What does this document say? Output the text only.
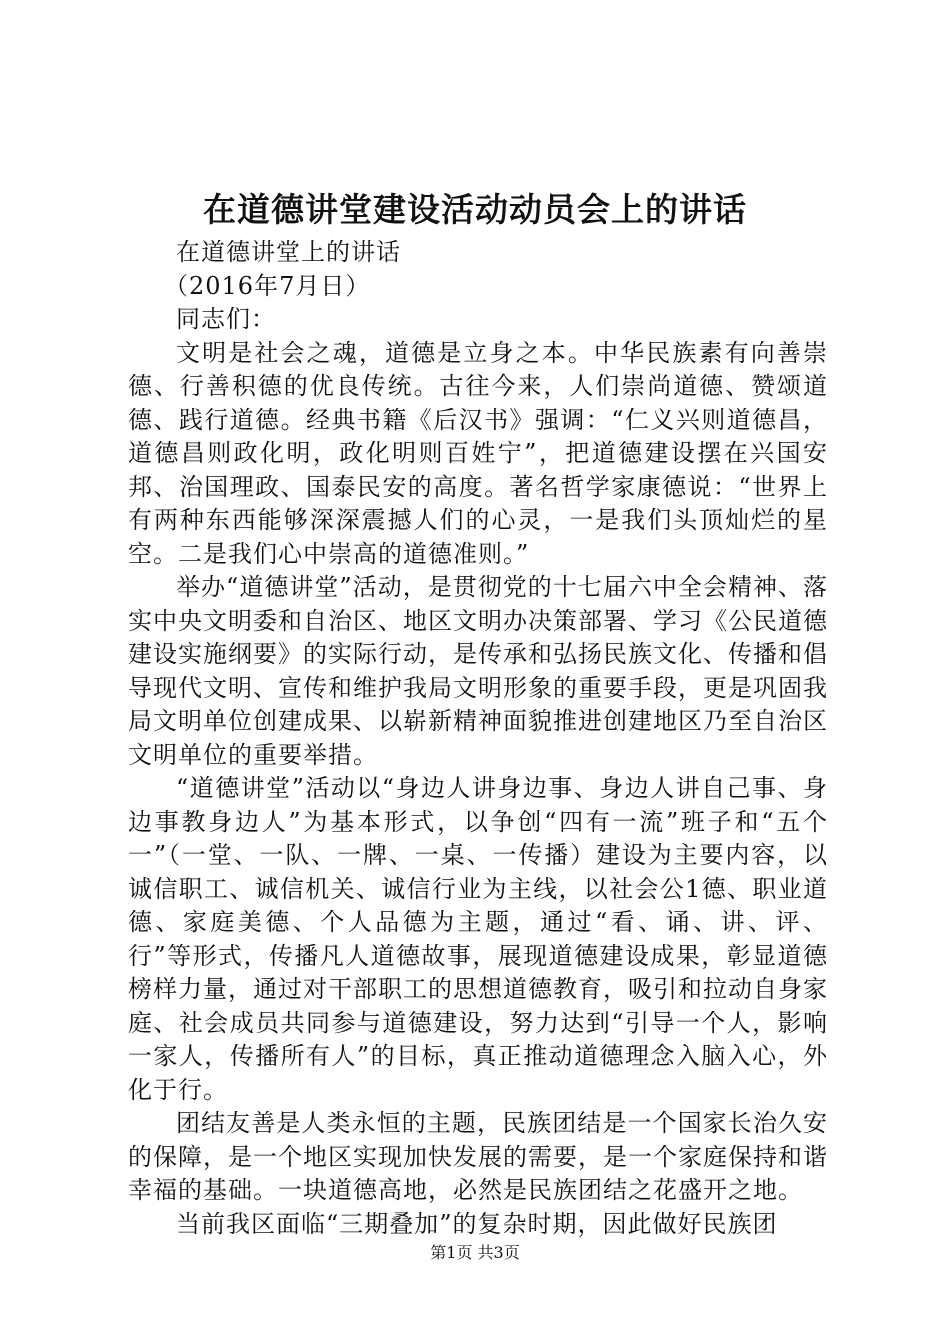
在道德讲堂建设活动动员会上的讲话

在道德讲堂上的讲话

（2016年7月日）

同志们：

文明是社会之魂，道德是立身之本。中华民族素有向善崇德、行善积德的优良传统。古往今来，人们崇尚道德、赞颂道德、践行道德。经典书籍《后汉书》强调：“仁义兴则道德昌，道德昌则政化明，政化明则百姓宁”，把道德建设摆在兴国安邦、治国理政、国泰民安的高度。著名哲学家康德说：“世界上有两种东西能够深深震撼人们的心灵，一是我们头顶灿烂的星空。二是我们心中崇高的道德准则。”

举办“道德讲堂”活动，是贯彻党的十七届六中全会精神、落实中央文明委和自治区、地区文明办决策部署、学习《公民道德建设实施纲要》的实际行动，是传承和弘扬民族文化、传播和倡导现代文明、宣传和维护我局文明形象的重要手段，更是巩固我局文明单位创建成果、以崭新精神面貌推进创建地区乃至自治区文明单位的重要举措。

“道德讲堂”活动以“身边人讲身边事、身边人讲自己事、身边事教身边人”为基本形式，以争创“四有一流”班子和“五个一”（一堂、一队、一牌、一桌、一传播）建设为主要内容，以诚信职工、诚信机关、诚信行业为主线，以社会公1德、职业道德、家庭美德、个人品德为主题，通过“看、诵、讲、评、行”等形式，传播凡人道德故事，展现道德建设成果，彰显道德榜样力量，通过对干部职工的思想道德教育，吸引和拉动自身家庭、社会成员共同参与道德建设，努力达到“引导一个人，影响一家人，传播所有人”的目标，真正推动道德理念入脑入心，外化于行。

团结友善是人类永恒的主题，民族团结是一个国家长治久安的保障，是一个地区实现加快发展的需要，是一个家庭保持和谐幸福的基础。一块道德高地，必然是民族团结之花盛开之地。

当前我区面临“三期叠加”的复杂时期，因此做好民族团

第1页 共3页
